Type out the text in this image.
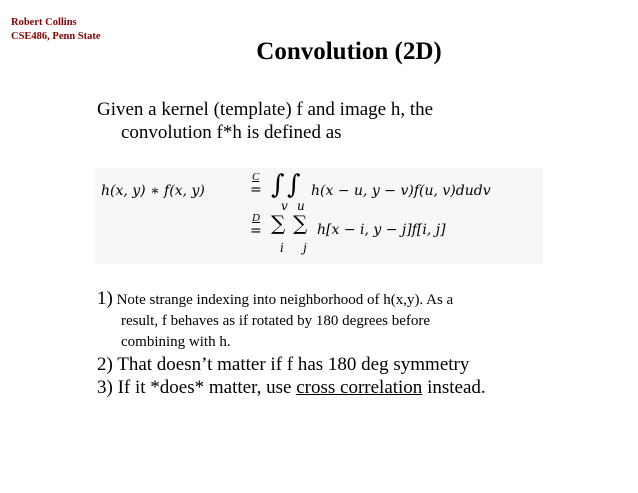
Robert Collins
CSE486, Penn State
Convolution (2D)
Given a kernel (template) f and image h, the
convolution f*h is defined as
h(x, y) ∗ f(x, y)
C
= ∫
v
∫
u
h(x − u, y − v)f(u, v)dudv
D
= ∑
i
∑
j
h[x − i, y − j]f[i, j]
1) Note strange indexing into neighborhood of h(x,y). As a
result, f behaves as if rotated by 180 degrees before
combining with h.
2) That doesn’t matter if f has 180 deg symmetry
3) If it *does* matter, use cross correlation instead.
